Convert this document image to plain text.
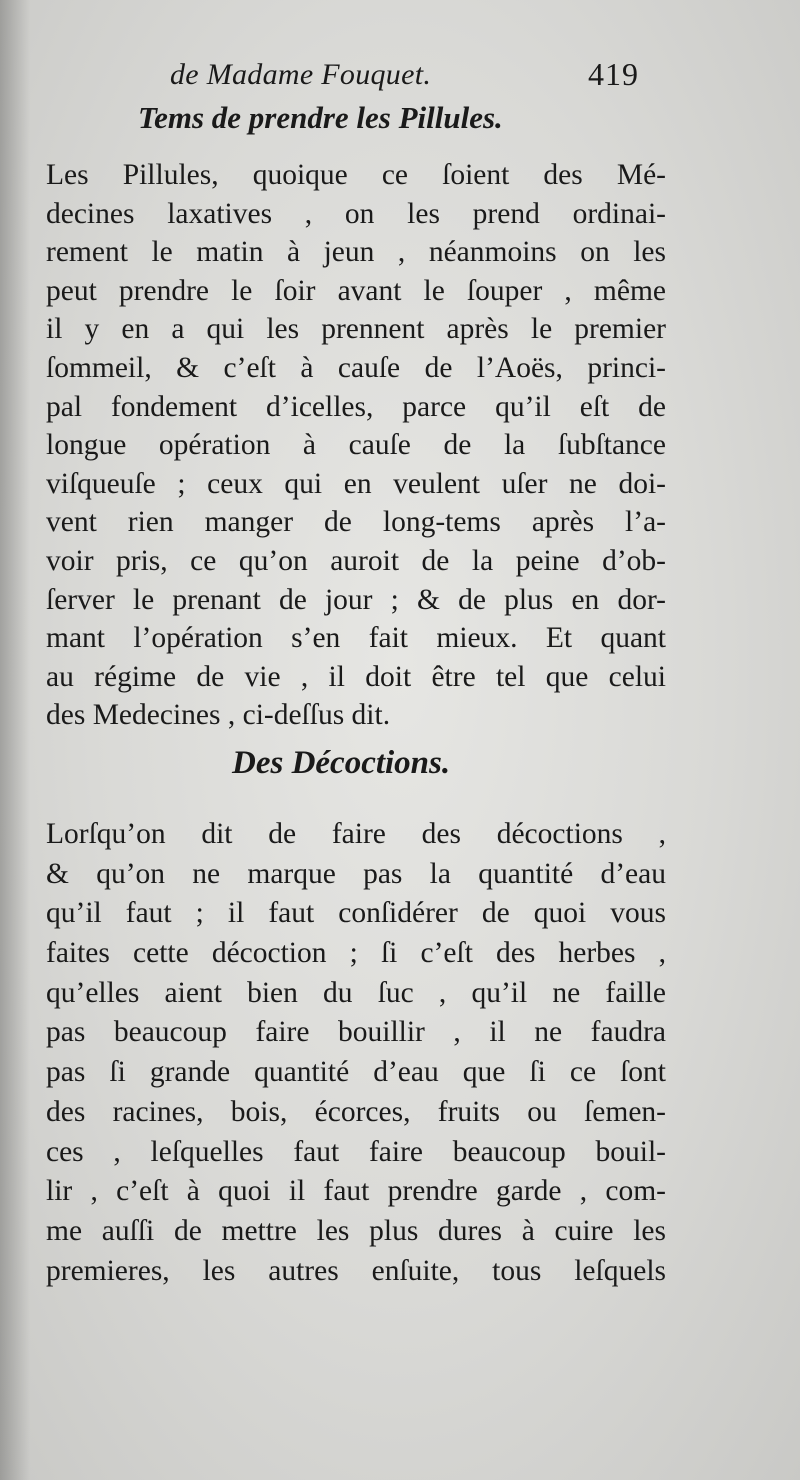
de Madame Fouquet.	419
Tems de prendre les Pillules.
Les Pillules, quoique ce ſoient des Mé-
decines laxatives , on les prend ordinai-
rement le matin à jeun , néanmoins on les
peut prendre le ſoir avant le ſouper , même
il y en a qui les prennent après le premier
ſommeil, & c’eſt à cauſe de l’Aoës, princi-
pal fondement d’icelles, parce qu’il eſt de
longue opération à cauſe de la ſubſtance
viſqueuſe ; ceux qui en veulent uſer ne doi-
vent rien manger de long-tems après l’a-
voir pris, ce qu’on auroit de la peine d’ob-
ſerver le prenant de jour ; & de plus en dor-
mant l’opération s’en fait mieux. Et quant
au régime de vie , il doit être tel que celui
des Medecines , ci-deſſus dit.
Des Décoctions.
Lorſqu’on dit de faire des décoctions ,
& qu’on ne marque pas la quantité d’eau
qu’il faut ; il faut conſidérer de quoi vous
faites cette décoction ; ſi c’eſt des herbes ,
qu’elles aient bien du ſuc , qu’il ne faille
pas beaucoup faire bouillir , il ne faudra
pas ſi grande quantité d’eau que ſi ce ſont
des racines, bois, écorces, fruits ou ſemen-
ces , leſquelles faut faire beaucoup bouil-
lir , c’eſt à quoi il faut prendre garde , com-
me auſſi de mettre les plus dures à cuire les
premieres, les autres enſuite, tous leſquels
